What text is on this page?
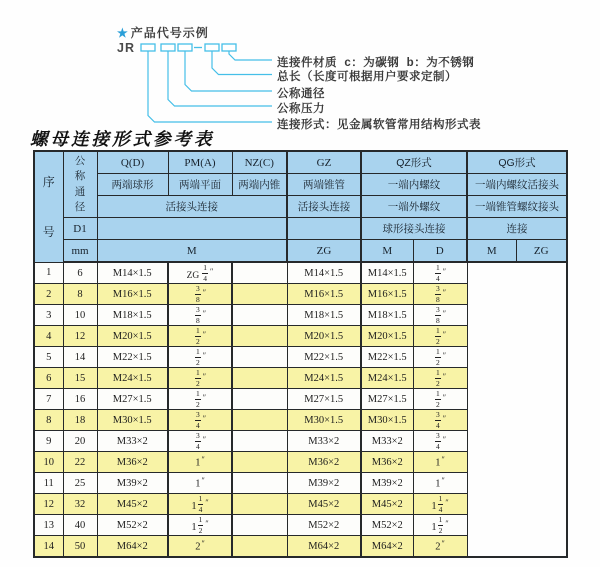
★ 产品代号示例
JR
连接件材质  c：为碳钢  b：为不锈钢
总长（长度可根据用户要求定制）
公称通径
公称压力
连接形式：见金属软管常用结构形式表
螺母连接形式参考表
序号	公称通径	Q(D)	PM(A)	NZ(C)	GZ	QZ形式		QG形式	
		两端球形	两端平面	两端内锥	两端锥管	一端内螺纹		一端内螺纹活接头	
		活接头连接			活接头连接	一端外螺纹		一端锥管螺纹接头	
	D1					球形接头连接		连接	
	mm	M			ZG	M	D	M	ZG
1	6	M14×1.5	ZG $\frac{1}{4} ''$		M14×1.5	M14×1.5	$\frac{1}{4} ''$
2	8	M16×1.5	$\frac{3}{8} ''$		M16×1.5	M16×1.5	$\frac{3}{8} ''$
3	10	M18×1.5	$\frac{3}{8} ''$		M18×1.5	M18×1.5	$\frac{3}{8} ''$
4	12	M20×1.5	$\frac{1}{2} ''$		M20×1.5	M20×1.5	$\frac{1}{2} ''$
5	14	M22×1.5	$\frac{1}{2} ''$		M22×1.5	M22×1.5	$\frac{1}{2} ''$
6	15	M24×1.5	$\frac{1}{2} ''$		M24×1.5	M24×1.5	$\frac{1}{2} ''$
7	16	M27×1.5	$\frac{1}{2} ''$		M27×1.5	M27×1.5	$\frac{1}{2} ''$
8	18	M30×1.5	$\frac{3}{4} ''$		M30×1.5	M30×1.5	$\frac{3}{4} ''$
9	20	M33×2	$\frac{3}{4} ''$		M33×2	M33×2	$\frac{3}{4} ''$
10	22	M36×2	1″		M36×2	M36×2	1″
11	25	M39×2	1″		M39×2	M39×2	1″
12	32	M45×2	$1 \frac{1}{4} ''$		M45×2	M45×2	$1 \frac{1}{4} ''$
13	40	M52×2	$1 \frac{1}{2} ''$		M52×2	M52×2	$1 \frac{1}{2} ''$
14	50	M64×2	2″		M64×2	M64×2	2″
